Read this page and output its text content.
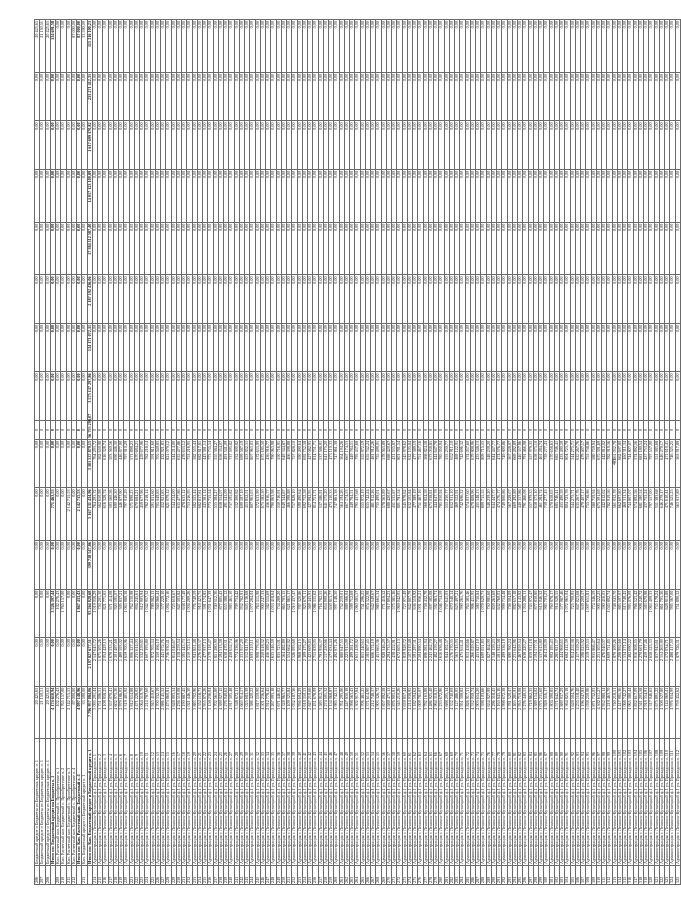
206	Бюджетный кредит и Бюджеты из Бюджетных кредит. о. 1	20 425,65	0,00	0,00	0,00	0,00	0,00	0	0,00	0,00	0,00	0,00	0,00	0,00	0,00	20 425,65
207	Бюджетный кредит и Бюджеты из Бюджетных кредит. о. 1	21 150,51	0,00	0,00	0,00	0,00	0,00	0	0,00	0,00	0,00	0,00	0,00	0,00	0,00	21 150,51
208	Бюджетный кредит и Бюджеты из Бюджетных кредит. о. 1	20 425,65	0,00	0,00	0,00	0,00	0,00	0	0,00	0,00	0,00	0,00	0,00	0,00	0,00	20 425,65
	Итого по: Бюджетный кредит на Бюджеты о. 1	4 174 610,94	0,00	3 526 397,44	0,00	771 463,53	0,00	0	0,00	0,00	0,00	0,00	0,00	0,00	0,00	134 691,58
209	Кап. Расчетный кап. Бюджетный с. Приобретение о. 1	102 276,43	0,00	102 276,43	0,00	0,00	0,00	0	0,00	0,00	0,00	0,00	0,00	0,00	0,00	0,00
210	Кап. Расчетный кап. Бюджетный с. Приобретение о. 2	1 765 157,00	0,00	1 765 157,00	0,00	0,00	0,00	0	0,00	0,00	0,00	0,00	0,00	0,00	0,00	0,00
211	Кап. Расчетный кап. Бюджетный с. Приобретение о. 3	2 142 715,53	0,00	0,00	0,00	2 142 715,53	0,00	0	0,00	0,00	0,00	0,00	0,00	0,00	0,00	0,00
212	Кап. Расчетный кап. Бюджетный с. Приобретение о. 4	87 000,00	0,00	0,00	0,00	0,00	0,00	0	0,00	0,00	0,00	0,00	0,00	0,00	0,00	87 000,00
	Итого по: Кап. Расчетный кап. Бюджетный о. 4	4 097 148,96	0,00	1 867 433,43	0,00	2 142 715,53	0,00	0	0,00	0,00	0,00	0,00	0,00	0,00	0,00	87 000,00
213	Кап. Бюджетный кредит и Бюджетный кредит о. 1	33 590,00	0,00	0,00	0,00	0,00	0,00	0	0,00	0,00	0,00	0,00	0,00	0,00	0,00	33 590,00
	Итого по: Кап. Бюджетный кредит и Бюджетный кредит о. 1	7 796 957 084,06	2 197 827 677,51	93 264 028,68	399 718 547,86	5 167 131 434,96	3 301 537 879,15	56 755 298,07	3 575 137 297,86	134 171 072,31	2 187 192 436,06	17 384 112 587,40	14 017 123 100,89	1 617 699 370,82	233 271 412,31	115 316 100,23
214	Администрация г. Ленинск-Кузнецкий ф.1 ул. Приладина о. 1	5 095 291,44	2 547 645,72	1 019 058,29	0,00	764 293,72	764 293,72	0	0,00	0,00	0,00	0,00	0,00	0,00	0,00	0,00
215	Администрация г. Ленинск-Кузнецкий ф.1 ул. Приладина о. 2	3 751 006,51	1 875 503,26	750 201,30	0,00	562 650,98	562 650,98	0	0,00	0,00	0,00	0,00	0,00	0,00	0,00	0,00
216	Администрация г. Ленинск-Кузнецкий ф.1 ул. Приладина о. 3	4 108 858,25	2 054 429,13	821 771,65	0,00	616 328,74	616 328,74	0	0,00	0,00	0,00	0,00	0,00	0,00	0,00	0,00
217	Администрация г. Ленинск-Кузнецкий ф.1 ул. Приладина о. 4	3 357 070,41	1 678 535,21	671 414,08	0,00	503 560,56	503 560,56	0	0,00	0,00	0,00	0,00	0,00	0,00	0,00	0,00
218	Администрация г. Ленинск-Кузнецкий ф.1 ул. Приладина о. 5	4 602 975,36	2 301 487,68	920 595,07	0,00	690 446,30	690 446,30	0	0,00	0,00	0,00	0,00	0,00	0,00	0,00	0,00
219	Администрация г. Ленинск-Кузнецкий ф.1 ул. Приладина о. 6	2 979 186,03	1 489 593,02	595 837,21	0,00	446 877,90	446 877,90	0	0,00	0,00	0,00	0,00	0,00	0,00	0,00	0,00
220	Администрация г. Ленинск-Кузнецкий ф.1 ул. Приладина о. 7	5 319 401,92	2 659 700,96	1 063 880,38	0,00	797 910,29	797 910,29	0	0,00	0,00	0,00	0,00	0,00	0,00	0,00	0,00
221	Администрация г. Ленинск-Кузнецкий ф.1 ул. Приладина о. 8	3 812 654,88	1 906 327,44	762 530,98	0,00	571 898,23	571 898,23	0	0,00	0,00	0,00	0,00	0,00	0,00	0,00	0,00
222	Администрация г. Ленинск-Кузнецкий ф.1 ул. Приладина о. 9	4 471 228,05	2 235 614,03	894 245,61	0,00	670 684,21	670 684,21	0	0,00	0,00	0,00	0,00	0,00	0,00	0,00	0,00
223	Администрация г. Ленинск-Кузнецкий ф.1 ул. Приладина о. 10	3 064 519,70	1 532 259,85	612 903,94	0,00	459 677,96	459 677,96	0	0,00	0,00	0,00	0,00	0,00	0,00	0,00	0,00
224	Администрация г. Ленинск-Кузнецкий ф.1 ул. Приладина о. 11	5 214 787,60	2 607 393,80	1 042 957,52	0,00	782 218,14	782 218,14	0	0,00	0,00	0,00	0,00	0,00	0,00	0,00	0,00
225	Администрация г. Ленинск-Кузнецкий ф.1 ул. Приладина о. 12	3 945 410,67	1 972 705,34	789 082,13	0,00	591 811,60	591 811,60	0	0,00	0,00	0,00	0,00	0,00	0,00	0,00	0,00
226	Администрация г. Ленинск-Кузнецкий ф.1 ул. Приладина о. 13	4 700 332,19	2 350 166,10	940 066,44	0,00	705 049,83	705 049,83	0	0,00	0,00	0,00	0,00	0,00	0,00	0,00	0,00
227	Администрация г. Ленинск-Кузнецкий ф.1 ул. Приладина о. 14	2 886 145,52	1 443 072,76	577 229,10	0,00	432 921,83	432 921,83	0	0,00	0,00	0,00	0,00	0,00	0,00	0,00	0,00
228	Администрация г. Ленинск-Кузнецкий ф.1 ул. Приладина о. 15	5 473 860,81	2 736 930,41	1 094 772,16	0,00	821 079,12	821 079,12	0	0,00	0,00	0,00	0,00	0,00	0,00	0,00	0,00
229	Администрация г. Ленинск-Кузнецкий ф.1 ул. Приладина о. 16	3 628 093,34	1 814 046,67	725 618,67	0,00	544 214,00	544 214,00	0	0,00	0,00	0,00	0,00	0,00	0,00	0,00	0,00
230	Администрация г. Ленинск-Кузнецкий ф.1 ул. Приладина о. 17	4 236 519,08	2 118 259,54	847 303,82	0,00	635 477,86	635 477,86	0	0,00	0,00	0,00	0,00	0,00	0,00	0,00	0,00
231	Администрация г. Ленинск-Кузнецкий ф.1 ул. Приладина о. 18	3 190 887,45	1 595 443,73	638 177,49	0,00	478 633,12	478 633,12	0	0,00	0,00	0,00	0,00	0,00	0,00	0,00	0,00
232	Администрация г. Ленинск-Кузнецкий ф.1 ул. Приладина о. 19	5 021 446,30	2 510 723,15	1 004 289,26	0,00	753 216,95	753 216,95	0	0,00	0,00	0,00	0,00	0,00	0,00	0,00	0,00
233	Администрация г. Ленинск-Кузнецкий ф.1 ул. Приладина о. 20	3 883 702,96	1 941 851,48	776 740,59	0,00	582 555,44	582 555,44	0	0,00	0,00	0,00	0,00	0,00	0,00	0,00	0,00
234	Администрация г. Ленинск-Кузнецкий ф.1 ул. Приладина о. 21	4 552 118,73	2 276 059,37	910 423,75	0,00	682 817,81	682 817,81	0	0,00	0,00	0,00	0,00	0,00	0,00	0,00	0,00
235	Администрация г. Ленинск-Кузнецкий ф.1 ул. Приладина о. 22	2 955 874,26	1 477 937,13	591 174,85	0,00	443 381,14	443 381,14	0	0,00	0,00	0,00	0,00	0,00	0,00	0,00	0,00
236	Администрация г. Ленинск-Кузнецкий ф.1 ул. Приладина о. 23	5 158 236,94	2 579 118,47	1 031 647,39	0,00	773 735,54	773 735,54	0	0,00	0,00	0,00	0,00	0,00	0,00	0,00	0,00
237	Администрация г. Ленинск-Кузнецкий ф.1 ул. Приладина о. 24	3 702 561,80	1 851 280,90	740 512,36	0,00	555 384,27	555 384,27	0	0,00	0,00	0,00	0,00	0,00	0,00	0,00	0,00
238	Администрация г. Ленинск-Кузнецкий ф.1 ул. Приладина о. 25	4 389 027,15	2 194 513,58	877 805,43	0,00	658 354,07	658 354,07	0	0,00	0,00	0,00	0,00	0,00	0,00	0,00	0,00
239	Администрация г. Ленинск-Кузнецкий ф.1 ул. Приладина о. 26	3 276 940,62	1 638 470,31	655 388,12	0,00	491 541,09	491 541,09	0	0,00	0,00	0,00	0,00	0,00	0,00	0,00	0,00
240	Администрация г. Ленинск-Кузнецкий ф.1 ул. Приладина о. 27	4 917 305,48	2 458 652,74	983 461,10	0,00	737 595,82	737 595,82	0	0,00	0,00	0,00	0,00	0,00	0,00	0,00	0,00
241	Администрация г. Ленинск-Кузнецкий ф.1 ул. Приладина о. 28	3 548 672,11	1 774 336,06	709 734,42	0,00	532 300,82	532 300,82	0	0,00	0,00	0,00	0,00	0,00	0,00	0,00	0,00
242	Администрация г. Ленинск-Кузнецкий ф.1 ул. Приладина о. 29	4 663 914,57	2 331 957,29	932 782,91	0,00	699 587,19	699 587,19	0	0,00	0,00	0,00	0,00	0,00	0,00	0,00	0,00
243	Администрация г. Ленинск-Кузнецкий ф.1 ул. Приладина о. 30	3 025 683,39	1 512 841,70	605 136,68	0,00	453 852,51	453 852,51	0	0,00	0,00	0,00	0,00	0,00	0,00	0,00	0,00
244	Администрация г. Ленинск-Кузнецкий ф.1 ул. Приладина о. 31	5 386 420,22	2 693 210,11	1 077 284,04	0,00	807 963,03	807 963,03	0	0,00	0,00	0,00	0,00	0,00	0,00	0,00	0,00
245	Администрация г. Ленинск-Кузнецкий ф.1 ул. Приладина о. 32	3 817 559,90	1 908 779,95	763 511,98	0,00	572 633,99	572 633,99	0	0,00	0,00	0,00	0,00	0,00	0,00	0,00	0,00
246	Администрация г. Ленинск-Кузнецкий ф.1 ул. Приладина о. 33	4 501 236,64	2 250 618,32	900 247,33	0,00	675 185,50	675 185,50	0	0,00	0,00	0,00	0,00	0,00	0,00	0,00	0,00
247	Администрация г. Ленинск-Кузнецкий ф.1 ул. Приладина о. 34	2 912 778,45	1 456 389,23	582 555,69	0,00	436 916,77	436 916,77	0	0,00	0,00	0,00	0,00	0,00	0,00	0,00	0,00
248	Администрация г. Ленинск-Кузнецкий ф.1 ул. Приладина о. 35	5 267 093,18	2 633 546,59	1 053 418,64	0,00	790 063,98	790 063,98	0	0,00	0,00	0,00	0,00	0,00	0,00	0,00	0,00
249	Администрация г. Ленинск-Кузнецкий ф.1 ул. Приладина о. 36	3 671 446,02	1 835 723,01	734 289,20	0,00	550 716,91	550 716,91	0	0,00	0,00	0,00	0,00	0,00	0,00	0,00	0,00
250	Администрация г. Ленинск-Кузнецкий ф.1 ул. Приладина о. 37	4 328 965,77	2 164 482,89	865 793,15	0,00	649 344,87	649 344,87	0	0,00	0,00	0,00	0,00	0,00	0,00	0,00	0,00
251	Администрация г. Ленинск-Кузнецкий ф.1 ул. Приладина о. 38	3 109 325,84	1 554 662,92	621 865,17	0,00	466 398,88	466 398,88	0	0,00	0,00	0,00	0,00	0,00	0,00	0,00	0,00
252	Администрация г. Ленинск-Кузнецкий ф.1 ул. Приладина о. 39	5 052 187,36	2 526 093,68	1 010 437,47	0,00	757 828,10	757 828,10	0	0,00	0,00	0,00	0,00	0,00	0,00	0,00	0,00
253	Администрация г. Ленинск-Кузнецкий ф.1 ул. Приладина о. 40	3 936 604,29	1 968 302,15	787 320,86	0,00	590 490,64	590 490,64	0	0,00	0,00	0,00	0,00	0,00	0,00	0,00	0,00
254	Администрация г. Ленинск-Кузнецкий ф.1 ул. Приладина о. 41	4 618 350,53	2 309 175,27	923 670,11	0,00	692 752,58	692 752,58	0	0,00	0,00	0,00	0,00	0,00	0,00	0,00	0,00
255	Администрация г. Ленинск-Кузнецкий ф.1 ул. Приладина о. 42	2 847 219,66	1 423 609,83	569 443,93	0,00	427 082,95	427 082,95	0	0,00	0,00	0,00	0,00	0,00	0,00	0,00	0,00
256	Администрация г. Ленинск-Кузнецкий ф.1 ул. Приладина о. 43	5 431 678,09	2 715 839,05	1 086 335,62	0,00	814 751,71	814 751,71	0	0,00	0,00	0,00	0,00	0,00	0,00	0,00	0,00
257	Администрация г. Ленинск-Кузнецкий ф.1 ул. Приладина о. 44	3 583 912,74	1 791 956,37	716 782,55	0,00	537 586,91	537 586,91	0	0,00	0,00	0,00	0,00	0,00	0,00	0,00	0,00
258	Администрация г. Ленинск-Кузнецкий ф.1 ул. Приладина о. 45	4 274 501,32	2 137 250,66	854 900,26	0,00	641 175,20	641 175,20	0	0,00	0,00	0,00	0,00	0,00	0,00	0,00	0,00
259	Администрация г. Ленинск-Кузнецкий ф.1 ул. Приладина о. 46	3 154 068,87	1 577 034,44	630 813,77	0,00	473 110,33	473 110,33	0	0,00	0,00	0,00	0,00	0,00	0,00	0,00	0,00
260	Администрация г. Ленинск-Кузнецкий ф.1 ул. Приладина о. 47	4 985 742,51	2 492 871,26	997 148,50	0,00	747 861,38	747 861,38	0	0,00	0,00	0,00	0,00	0,00	0,00	0,00	0,00
261	Администрация г. Ленинск-Кузнецкий ф.1 ул. Приладина о. 48	3 761 295,06	1 880 647,53	752 259,01	0,00	564 194,26	564 194,26	0	0,00	0,00	0,00	0,00	0,00	0,00	0,00	0,00
262	Администрация г. Ленинск-Кузнецкий ф.1 ул. Приладина о. 49	4 447 830,18	2 223 915,09	889 566,04	0,00	667 174,53	667 174,53	0	0,00	0,00	0,00	0,00	0,00	0,00	0,00	0,00
263	Администрация г. Ленинск-Кузнецкий ф.1 ул. Приладина о. 50	2 998 563,43	1 499 281,72	599 712,69	0,00	449 784,51	449 784,51	0	0,00	0,00	0,00	0,00	0,00	0,00	0,00	0,00
264	Администрация г. Ленинск-Кузнецкий ф.1 ул. Приладина о. 51	5 302 917,84	2 651 458,92	1 060 583,57	0,00	795 437,68	795 437,68	0	0,00	0,00	0,00	0,00	0,00	0,00	0,00	0,00
265	Администрация г. Ленинск-Кузнецкий ф.1 ул. Приладина о. 52	3 706 481,25	1 853 240,63	741 296,25	0,00	555 972,19	555 972,19	0	0,00	0,00	0,00	0,00	0,00	0,00	0,00	0,00
266	Администрация г. Ленинск-Кузнецкий ф.1 ул. Приладина о. 53	4 371 614,90	2 185 807,45	874 322,98	0,00	655 742,24	655 742,24	0	0,00	0,00	0,00	0,00	0,00	0,00	0,00	0,00
267	Администрация г. Ленинск-Кузнецкий ф.1 ул. Приладина о. 54	3 212 748,37	1 606 374,19	642 549,67	0,00	481 912,26	481 912,26	0	0,00	0,00	0,00	0,00	0,00	0,00	0,00	0,00
268	Администрация г. Ленинск-Кузнецкий ф.1 ул. Приладина о. 55	4 903 326,72	2 451 663,36	980 665,34	0,00	735 499,01	735 499,01	0	0,00	0,00	0,00	0,00	0,00	0,00	0,00	0,00
269	Администрация г. Ленинск-Кузнецкий ф.1 ул. Приладина о. 56	3 857 092,58	1 928 546,29	771 418,52	0,00	578 563,89	578 563,89	0	0,00	0,00	0,00	0,00	0,00	0,00	0,00	0,00
270	Администрация г. Ленинск-Кузнецкий ф.1 ул. Приладина о. 57	4 589 471,13	2 294 735,57	917 894,23	0,00	688 420,67	688 420,67	0	0,00	0,00	0,00	0,00	0,00	0,00	0,00	0,00
271	Администрация г. Ленинск-Кузнецкий ф.1 ул. Приладина о. 58	2 876 905,81	1 438 452,91	575 381,16	0,00	431 535,87	431 535,87	0	0,00	0,00	0,00	0,00	0,00	0,00	0,00	0,00
272	Администрация г. Ленинск-Кузнецкий ф.1 ул. Приладина о. 59	5 345 210,26	2 672 605,13	1 069 042,05	0,00	801 781,54	801 781,54	0	0,00	0,00	0,00	0,00	0,00	0,00	0,00	0,00
273	Администрация г. Ленинск-Кузнецкий ф.1 ул. Приладина о. 60	3 639 857,44	1 819 928,72	727 971,49	0,00	545 978,62	545 978,62	0	0,00	0,00	0,00	0,00	0,00	0,00	0,00	0,00
274	Администрация г. Ленинск-Кузнецкий ф.1 ул. Приладина о. 61	4 214 038,95	2 107 019,48	842 807,79	0,00	632 105,84	632 105,84	0	0,00	0,00	0,00	0,00	0,00	0,00	0,00	0,00
275	Администрация г. Ленинск-Кузнецкий ф.1 ул. Приладина о. 62	3 182 594,62	1 591 297,31	636 518,92	0,00	477 389,19	477 389,19	0	0,00	0,00	0,00	0,00	0,00	0,00	0,00	0,00
276	Администрация г. Ленинск-Кузнецкий ф.1 ул. Приладина о. 63	5 009 781,07	2 504 890,54	1 001 956,21	0,00	751 467,16	751 467,16	0	0,00	0,00	0,00	0,00	0,00	0,00	0,00	0,00
277	Администрация г. Ленинск-Кузнецкий ф.1 ул. Приладина о. 64	3 792 163,88	1 896 081,94	758 432,78	0,00	568 824,58	568 824,58	0	0,00	0,00	0,00	0,00	0,00	0,00	0,00	0,00
278	Администрация г. Ленинск-Кузнецкий ф.1 ул. Приладина о. 65	4 486 925,40	2 243 462,70	897 385,08	0,00	673 038,81	673 038,81	0	0,00	0,00	0,00	0,00	0,00	0,00	0,00	0,00
279	Администрация г. Ленинск-Кузнецкий ф.1 ул. Приладина о. 66	2 964 318,53	1 482 159,27	592 863,71	0,00	444 647,78	444 647,78	0	0,00	0,00	0,00	0,00	0,00	0,00	0,00	0,00
280	Администрация г. Ленинск-Кузнецкий ф.1 ул. Приладина о. 67	5 233 672,96	2 616 836,48	1 046 734,59	0,00	785 050,94	785 050,94	0	0,00	0,00	0,00	0,00	0,00	0,00	0,00	0,00
281	Администрация г. Ленинск-Кузнецкий ф.1 ул. Приладина о. 68	3 688 205,14	1 844 102,57	737 641,03	0,00	553 230,77	553 230,77	0	0,00	0,00	0,00	0,00	0,00	0,00	0,00	0,00
282	Администрация г. Ленинск-Кузнецкий ф.1 ул. Приладина о. 69	4 352 740,69	2 176 370,35	870 548,14	0,00	652 911,10	652 911,10	0	0,00	0,00	0,00	0,00	0,00	0,00	0,00	0,00
283	Администрация г. Ленинск-Кузнецкий ф.1 ул. Приладина о. 70	3 127 486,05	1 563 743,03	625 497,21	0,00	469 122,91	469 122,91	0	0,00	0,00	0,00	0,00	0,00	0,00	0,00	0,00
284	Администрация г. Ленинск-Кузнецкий ф.1 ул. Приладина о. 71	4 951 308,82	2 475 654,41	990 261,76	0,00	742 696,32	742 696,32	0	0,00	0,00	0,00	0,00	0,00	0,00	0,00	0,00
285	Администрация г. Ленинск-Кузнецкий ф.1 ул. Приладина о. 72	3 826 917,31	1 913 458,66	765 383,46	0,00	574 037,60	574 037,60	0	0,00	0,00	0,00	0,00	0,00	0,00	0,00	0,00
286	Администрация г. Ленинск-Кузнецкий ф.1 ул. Приладина о. 73	4 532 059,74	2 266 029,87	906 411,95	0,00	679 808,96	679 808,96	0	0,00	0,00	0,00	0,00	0,00	0,00	0,00	0,00
287	Администрация г. Ленинск-Кузнецкий ф.1 ул. Приладина о. 74	2 903 654,20	1 451 827,10	580 730,84	0,00	435 548,13	435 548,13	0	0,00	0,00	0,00	0,00	0,00	0,00	0,00	0,00
288	Администрация г. Ленинск-Кузнецкий ф.1 ул. Приладина о. 75	5 398 103,66	2 699 051,83	1 079 620,73	0,00	809 715,55	809 715,55	0	0,00	0,00	0,00	0,00	0,00	0,00	0,00	0,00
289	Администрация г. Ленинск-Кузнецкий ф.1 ул. Приладина о. 76	3 654 927,99	1 827 464,00	730 985,60	0,00	548 239,20	548 239,20	0	0,00	0,00	0,00	0,00	0,00	0,00	0,00	0,00
290	Администрация г. Ленинск-Кузнецкий ф.1 ул. Приладина о. 77	4 296 318,45	2 148 159,23	859 263,69	0,00	644 447,77	644 447,77	0	0,00	0,00	0,00	0,00	0,00	0,00	0,00	0,00
291	Администрация г. Ленинск-Кузнецкий ф.1 ул. Приладина о. 78	3 163 845,16	1 581 922,58	632 769,03	0,00	474 576,77	474 576,77	0	0,00	0,00	0,00	0,00	0,00	0,00	0,00	0,00
292	Администрация г. Ленинск-Кузнецкий ф.1 ул. Приладина о. 79	4 998 672,38	2 499 336,19	999 734,48	0,00	749 800,86	749 800,86	0	0,00	0,00	0,00	0,00	0,00	0,00	0,00	0,00
293	Администрация г. Ленинск-Кузнецкий ф.1 ул. Приладина о. 80	3 781 520,47	1 890 760,24	756 304,09	0,00	567 228,07	567 228,07	0	0,00	0,00	0,00	0,00	0,00	0,00	0,00	0,00
294	Администрация г. Ленинск-Кузнецкий ф.1 ул. Приладина о. 81	4 463 285,91	2 231 642,96	892 657,18	0,00	669 492,89	669 492,89	0	0,00	0,00	0,00	0,00	0,00	0,00	0,00	0,00
295	Администрация г. Ленинск-Кузнецкий ф.1 ул. Приладина о. 82	2 935 719,08	1 467 859,54	587 143,82	0,00	440 357,86	440 357,86	0	0,00	0,00	0,00	0,00	0,00	0,00	0,00	0,00
296	Администрация г. Ленинск-Кузнецкий ф.1 ул. Приладина о. 83	5 276 440,53	2 638 220,27	1 055 288,11	0,00	791 466,08	791 466,08	0	0,00	0,00	0,00	0,00	0,00	0,00	0,00	0,00
297	Администрация г. Ленинск-Кузнецкий ф.1 ул. Приладина о. 84	3 719 862,35	1 859 931,18	743 972,47	0,00	557 979,35	557 979,35	0	0,00	0,00	0,00	0,00	0,00	0,00	0,00	0,00
298	Администрация г. Ленинск-Кузнецкий ф.1 ул. Приладина о. 85	4 389 154,02	2 194 577,01	877 830,80	0,00	658 373,10	658 373,10	0	0,00	0,00	0,00	0,00	0,00	0,00	0,00	0,00
299	Администрация г. Ленинск-Кузнецкий ф.1 ул. Приладина о. 86	3 075 231,60	1 537 615,80	615 046,32	0,00	461 284,74	461 284,74	0	0,00	0,00	0,00	0,00	0,00	0,00	0,00	0,00
300	Администрация г. Ленинск-Кузнецкий ф.1 ул. Приладина о. 87	4 928 516,17	2 464 258,09	985 703,23	0,00	739 277,43	739 277,43	0	0,00	0,00	0,00	0,00	0,00	0,00	0,00	0,00
301	Администрация г. Ленинск-Кузнецкий ф.1 ул. Приладина о. 88	3 804 390,85	1 902 195,43	760 878,17	0,00	570 658,63	570 658,63	0	0,00	0,00	0,00	0,00	0,00	0,00	0,00	0,00
302	Администрация г. Ленинск-Кузнецкий ф.1 ул. Приладина о. 89	4 571 642,74	2 285 821,37	914 328,55	0,00	685 746,41	685 746,41	0	0,00	0,00	0,00	0,00	0,00	0,00	0,00	0,00
303	Администрация г. Ленинск-Кузнецкий ф.1 ул. Приладина о. 90	2 889 937,29	1 444 968,65	577 987,46	0,00	433 490,59	433 490,59	0	0,00	0,00	0,00	0,00	0,00	0,00	0,00	0,00
304	Администрация г. Ленинск-Кузнецкий ф.1 ул. Приладина о. 91	5 364 825,18	2 682 412,59	1 072 965,04	0,00	804 723,78	804 723,78	0	0,00	0,00	0,00	0,00	0,00	0,00	0,00	0,00
305	Администрация г. Ленинск-Кузнецкий ф.1 ул. Приладина о. 92	3 628 504,76	1 814 252,38	725 700,95	0,00	544 275,71	544 275,71	0	0,00	0,00	0,00	0,00	0,00	0,00	0,00	0,00
306	Администрация г. Ленинск-Кузнецкий ф.1 ул. Приладина о. 93	4 235 118,40	2 117 559,20	847 023,68	0,00	635 267,76	635 267,76	0	0,00	0,00	0,00	0,00	0,00	0,00	0,00	0,00
307	Администрация г. Ленинск-Кузнецкий ф.1 ул. Приладина о. 94	3 196 047,83	1 598 023,92	639 209,57	0,00	479 407,17	479 407,17	0	0,00	0,00	0,00	0,00	0,00	0,00	0,00	0,00
308	Администрация г. Ленинск-Кузнецкий ф.1 ул. Приладина о. 95	5 038 259,06	2 519 129,53	1 007 651,81	0,00	755 738,86	755 738,86	0	0,00	0,00	0,00	0,00	0,00	0,00	0,00	0,00
309	Администрация г. Ленинск-Кузнецкий ф.1 ул. Приладина о. 96	3 871 732,93	1 935 866,47	774 346,59	0,00	580 759,94	580 759,94	0	0,00	0,00	0,00	0,00	0,00	0,00	0,00	0,00
310	Администрация г. Ленинск-Кузнецкий ф.1 ул. Приладина о. 97	4 502 611,27	2 251 305,64	900 522,25	0,00	675 391,69	675 391,69	0	0,00	0,00	0,00	0,00	0,00	0,00	0,00	0,00
311	Администрация г. Ленинск-Кузнецкий ф.1 ул. Приладина о. 98	2 952 080,14	1 476 040,07	590 416,03	0,00	442 812,02	442 812,02	0	0,00	0,00	0,00	0,00	0,00	0,00	0,00	0,00
312	Администрация г. Ленинск-Кузнецкий ф.1 ул. Приладина о. 99	5 219 463,70	2 609 731,85	1 043 892,74	0,00	782 919,56	782 919,56	0	0,00	0,00	0,00	0,00	0,00	0,00	0,00	0,00
313	Администрация г. Ленинск-Кузнецкий ф.1 ул. Приладина о. 100	3 740 218,51	1 870 109,26	748 043,70	0,00	561 032,78	561 032,78	0	0,00	0,00	0,00	0,00	0,00	0,00	0,00	0,00
314	Администрация г. Ленинск-Кузнецкий ф.1 ул. Приладина о. 101	4 417 985,36	2 208 992,68	883 597,07	0,00	662 697,80	662 697,80	0	0,00	0,00	0,00	0,00	0,00	0,00	0,00	0,00
315	Администрация г. Ленинск-Кузнецкий ф.1 ул. Приладина о. 102	3 068 742,27	1 534 371,14	613 748,45	0,00	460 311,34	460 311,34	0	0,00	0,00	0,00	0,00	0,00	0,00	0,00	0,00
316	Администрация г. Ленинск-Кузнецкий ф.1 ул. Приладина о. 103	4 965 380,44	2 482 690,22	993 076,09	0,00	744 807,07	744 807,07	0	0,00	0,00	0,00	0,00	0,00	0,00	0,00	0,00
317	Администрация г. Ленинск-Кузнецкий ф.1 ул. Приладина о. 104	3 832 617,09	1 916 308,55	766 523,42	0,00	574 892,56	574 892,56	0	0,00	0,00	0,00	0,00	0,00	0,00	0,00	0,00
318	Администрация г. Ленинск-Кузнецкий ф.1 ул. Приладина о. 105	4 541 203,58	2 270 601,79	908 240,72	0,00	681 180,54	681 180,54	0	0,00	0,00	0,00	0,00	0,00	0,00	0,00	0,00
319	Администрация г. Ленинск-Кузнецкий ф.1 ул. Приладина о. 106	2 918 354,91	1 459 177,46	583 670,98	0,00	437 753,24	437 753,24	0	0,00	0,00	0,00	0,00	0,00	0,00	0,00	0,00
320	Администрация г. Ленинск-Кузнецкий ф.1 ул. Приладина о. 107	5 317 046,65	2 658 523,33	1 063 409,33	0,00	797 557,00	797 557,00	0	0,00	0,00	0,00	0,00	0,00	0,00	0,00	0,00
321	Администрация г. Ленинск-Кузнецкий ф.1 ул. Приладина о. 108	3 675 891,22	1 837 945,61	735 178,24	0,00	551 383,68	551 383,68	0	0,00	0,00	0,00	0,00	0,00	0,00	0,00	0,00
322	Администрация г. Ленинск-Кузнецкий ф.1 ул. Приладина о. 109	4 308 527,80	2 154 263,90	861 705,56	0,00	646 279,17	646 279,17	0	0,00	0,00	0,00	0,00	0,00	0,00	0,00	0,00
323	Администрация г. Ленинск-Кузнецкий ф.1 ул. Приладина о. 110	3 144 069,41	1 572 034,71	628 813,88	0,00	471 610,41	471 610,41	0	0,00	0,00	0,00	0,00	0,00	0,00	0,00	0,00
324	Администрация г. Ленинск-Кузнецкий ф.1 ул. Приладина о. 111	4 976 834,99	2 488 417,50	995 367,00	0,00	746 525,25	746 525,25	0	0,00	0,00	0,00	0,00	0,00	0,00	0,00	0,00
325	Администрация г. Ленинск-Кузнецкий ф.1 ул. Приладина о. 112	3 759 452,62	1 879 726,31	751 890,52	0,00	563 917,89	563 917,89	0	0,00	0,00	0,00	0,00	0,00	0,00	0,00	0,00
48
